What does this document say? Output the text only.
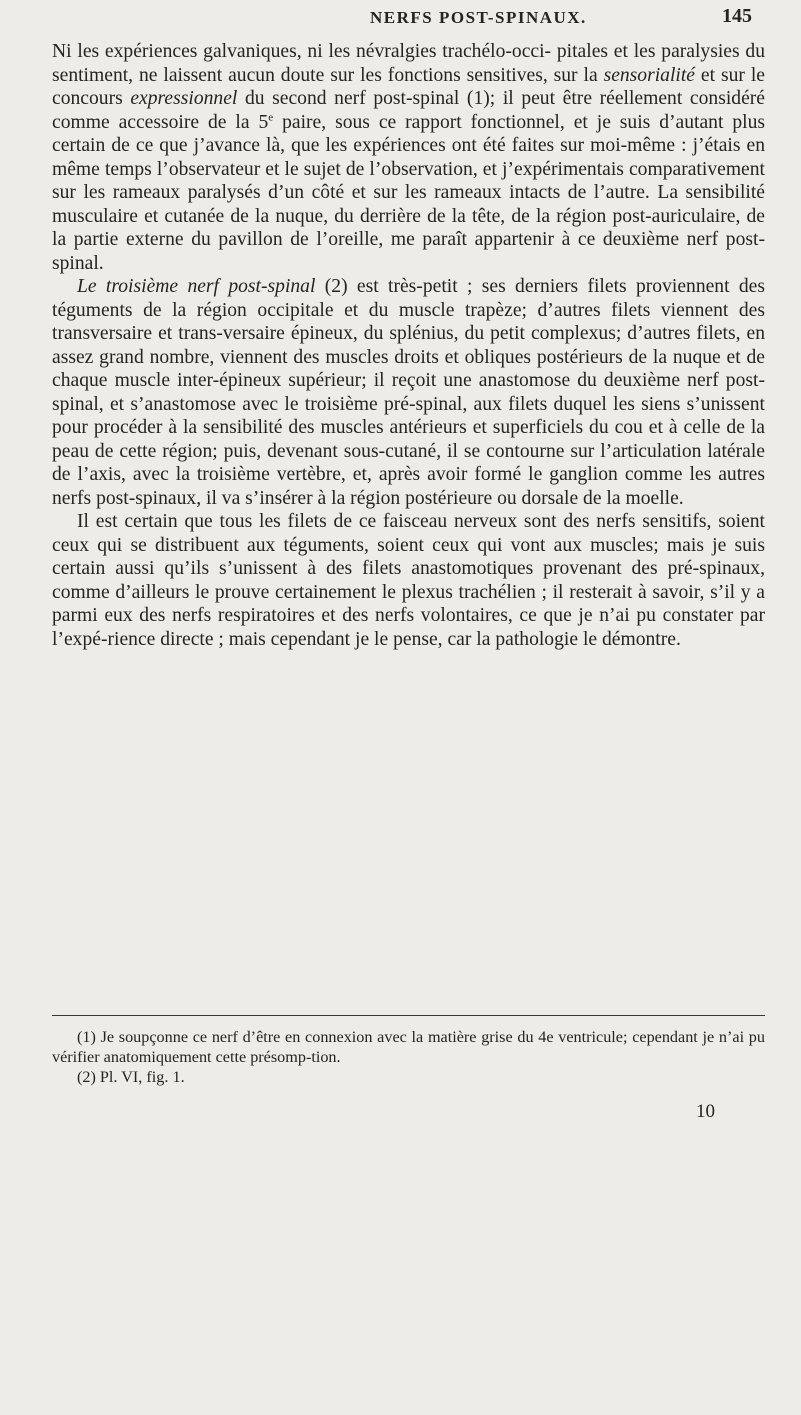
NERFS POST-SPINAUX.	145

Ni les expériences galvaniques, ni les névralgies trachélo-occi- pitales et les paralysies du sentiment, ne laissent aucun doute sur les fonctions sensitives, sur la sensorialité et sur le concours expressionnel du second nerf post-spinal (1); il peut être réellement considéré comme accessoire de la 5e paire, sous ce rapport fonctionnel, et je suis d’autant plus certain de ce que j’avance là, que les expériences ont été faites sur moi-même : j’étais en même temps l’observateur et le sujet de l’observation, et j’expérimentais comparativement sur les rameaux paralysés d’un côté et sur les rameaux intacts de l’autre. La sensibilité musculaire et cutanée de la nuque, du derrière de la tête, de la région post-auriculaire, de la partie externe du pavillon de l’oreille, me paraît appartenir à ce deuxième nerf post-spinal.

Le troisième nerf post-spinal (2) est très-petit ; ses derniers filets proviennent des téguments de la région occipitale et du muscle trapèze; d’autres filets viennent des transversaire et trans-versaire épineux, du splénius, du petit complexus; d’autres filets, en assez grand nombre, viennent des muscles droits et obliques postérieurs de la nuque et de chaque muscle inter-épineux supérieur; il reçoit une anastomose du deuxième nerf post-spinal, et s’anastomose avec le troisième pré-spinal, aux filets duquel les siens s’unissent pour procéder à la sensibilité des muscles antérieurs et superficiels du cou et à celle de la peau de cette région; puis, devenant sous-cutané, il se contourne sur l’articulation latérale de l’axis, avec la troisième vertèbre, et, après avoir formé le ganglion comme les autres nerfs post-spinaux, il va s’insérer à la région postérieure ou dorsale de la moelle.

Il est certain que tous les filets de ce faisceau nerveux sont des nerfs sensitifs, soient ceux qui se distribuent aux téguments, soient ceux qui vont aux muscles; mais je suis certain aussi qu’ils s’unissent à des filets anastomotiques provenant des pré-spinaux, comme d’ailleurs le prouve certainement le plexus trachélien ; il resterait à savoir, s’il y a parmi eux des nerfs respiratoires et des nerfs volontaires, ce que je n’ai pu constater par l’expé-rience directe ; mais cependant je le pense, car la pathologie le démontre.

(1) Je soupçonne ce nerf d’être en connexion avec la matière grise du 4e ventricule; cependant je n’ai pu vérifier anatomiquement cette présomp-tion.

(2) Pl. VI, fig. 1.

10
